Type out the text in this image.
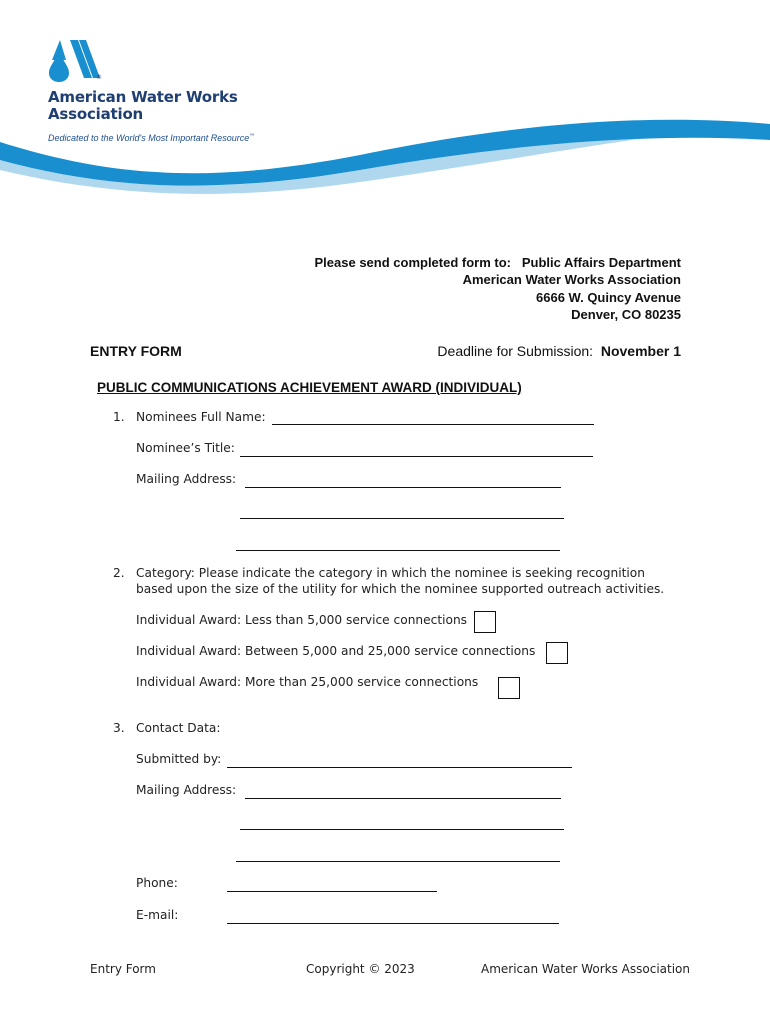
®
American Water Works
Association
Dedicated to the World's Most Important Resource™
Please send completed form to:   Public Affairs Department
American Water Works Association
6666 W. Quincy Avenue
Denver, CO 80235
ENTRY FORM	Deadline for Submission: November 1
PUBLIC COMMUNICATIONS ACHIEVEMENT AWARD (INDIVIDUAL)
1. Nominees Full Name:
Nominee’s Title:
Mailing Address:
2. Category: Please indicate the category in which the nominee is seeking recognition
based upon the size of the utility for which the nominee supported outreach activities.
Individual Award: Less than 5,000 service connections
Individual Award: Between 5,000 and 25,000 service connections
Individual Award: More than 25,000 service connections
3. Contact Data:
Submitted by:
Mailing Address:
Phone:
E-mail:
Entry Form	Copyright © 2023	American Water Works Association
